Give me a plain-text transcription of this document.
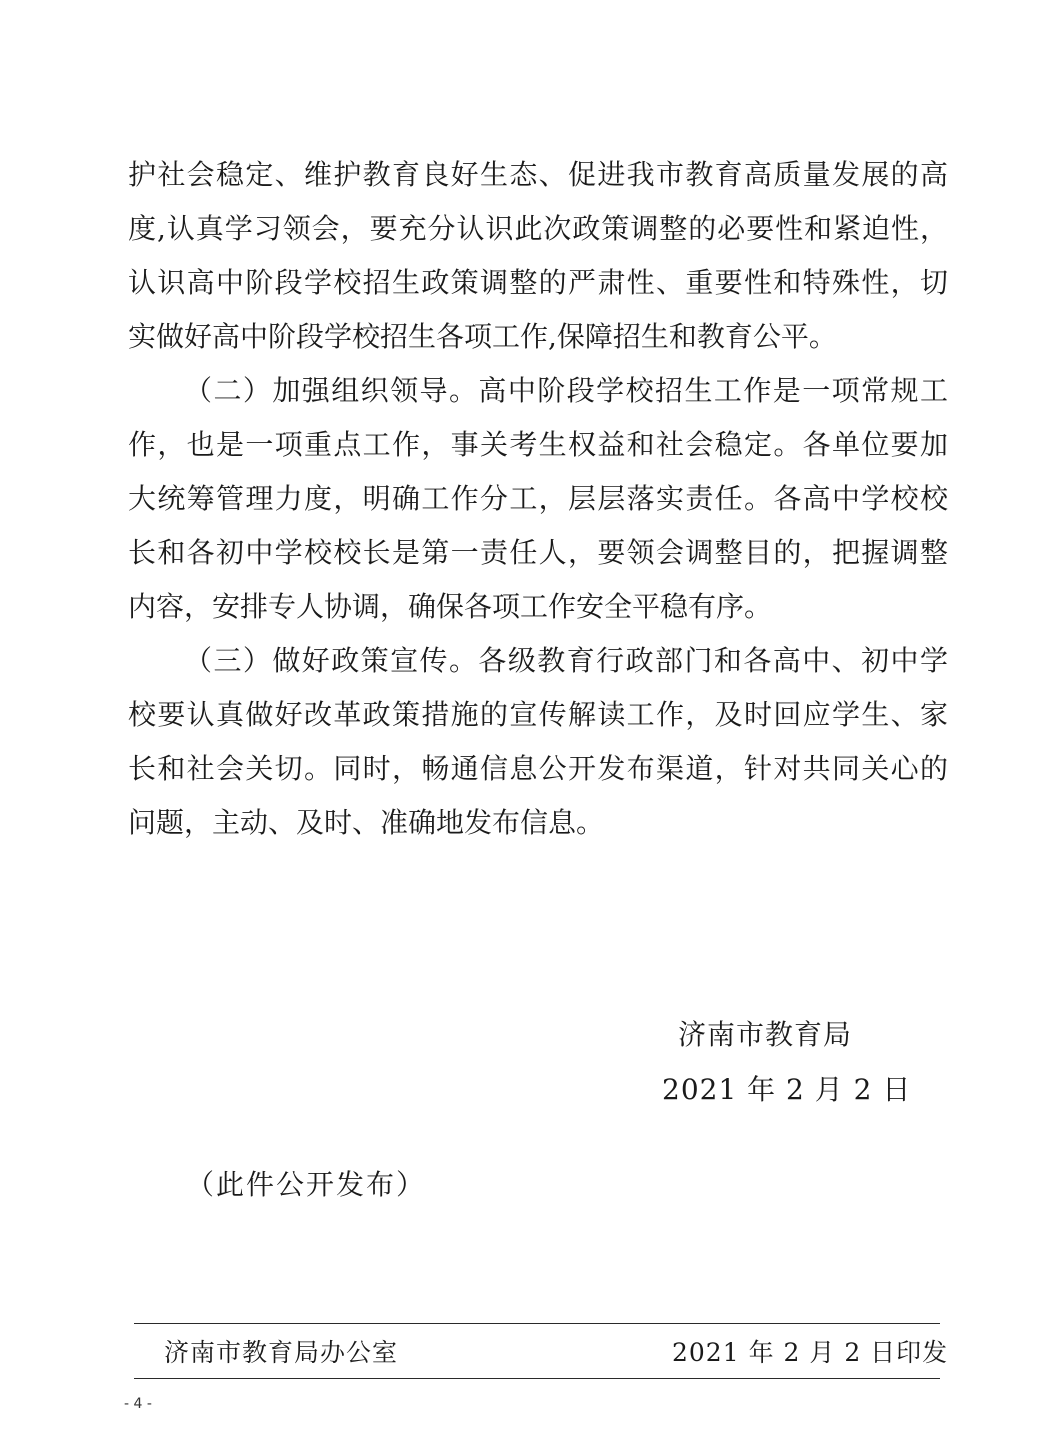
护社会稳定、维护教育良好生态、促进我市教育高质量发展的高
度,认真学习领会，要充分认识此次政策调整的必要性和紧迫性，
认识高中阶段学校招生政策调整的严肃性、重要性和特殊性，切
实做好高中阶段学校招生各项工作,保障招生和教育公平。
（二）加强组织领导。高中阶段学校招生工作是一项常规工
作，也是一项重点工作，事关考生权益和社会稳定。各单位要加
大统筹管理力度，明确工作分工，层层落实责任。各高中学校校
长和各初中学校校长是第一责任人，要领会调整目的，把握调整
内容，安排专人协调，确保各项工作安全平稳有序。
（三）做好政策宣传。各级教育行政部门和各高中、初中学
校要认真做好改革政策措施的宣传解读工作，及时回应学生、家
长和社会关切。同时，畅通信息公开发布渠道，针对共同关心的
问题，主动、及时、准确地发布信息。
济南市教育局
2021 年 2 月 2 日
（此件公开发布）
济南市教育局办公室	2021 年 2 月 2 日印发
- 4 -
